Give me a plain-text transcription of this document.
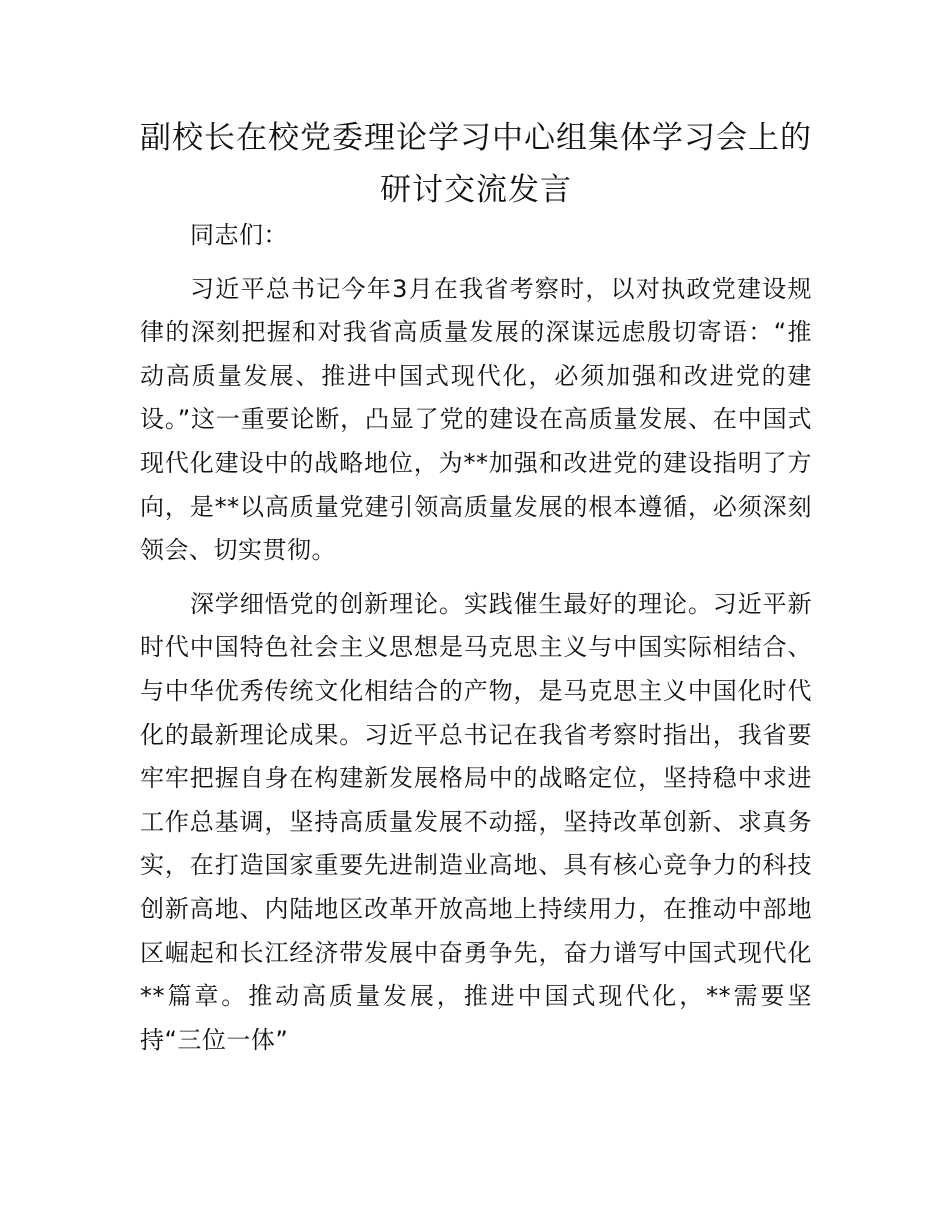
副校长在校党委理论学习中心组集体学习会上的研讨交流发言

同志们：

习近平总书记今年3月在我省考察时，以对执政党建设规律的深刻把握和对我省高质量发展的深谋远虑殷切寄语：“推动高质量发展、推进中国式现代化，必须加强和改进党的建设。”这一重要论断，凸显了党的建设在高质量发展、在中国式现代化建设中的战略地位，为**加强和改进党的建设指明了方向，是**以高质量党建引领高质量发展的根本遵循，必须深刻领会、切实贯彻。

深学细悟党的创新理论。实践催生最好的理论。习近平新时代中国特色社会主义思想是马克思主义与中国实际相结合、与中华优秀传统文化相结合的产物，是马克思主义中国化时代化的最新理论成果。习近平总书记在我省考察时指出，我省要牢牢把握自身在构建新发展格局中的战略定位，坚持稳中求进工作总基调，坚持高质量发展不动摇，坚持改革创新、求真务实，在打造国家重要先进制造业高地、具有核心竞争力的科技创新高地、内陆地区改革开放高地上持续用力，在推动中部地区崛起和长江经济带发展中奋勇争先，奋力谱写中国式现代化**篇章。推动高质量发展，推进中国式现代化，**需要坚持“三位一体”
